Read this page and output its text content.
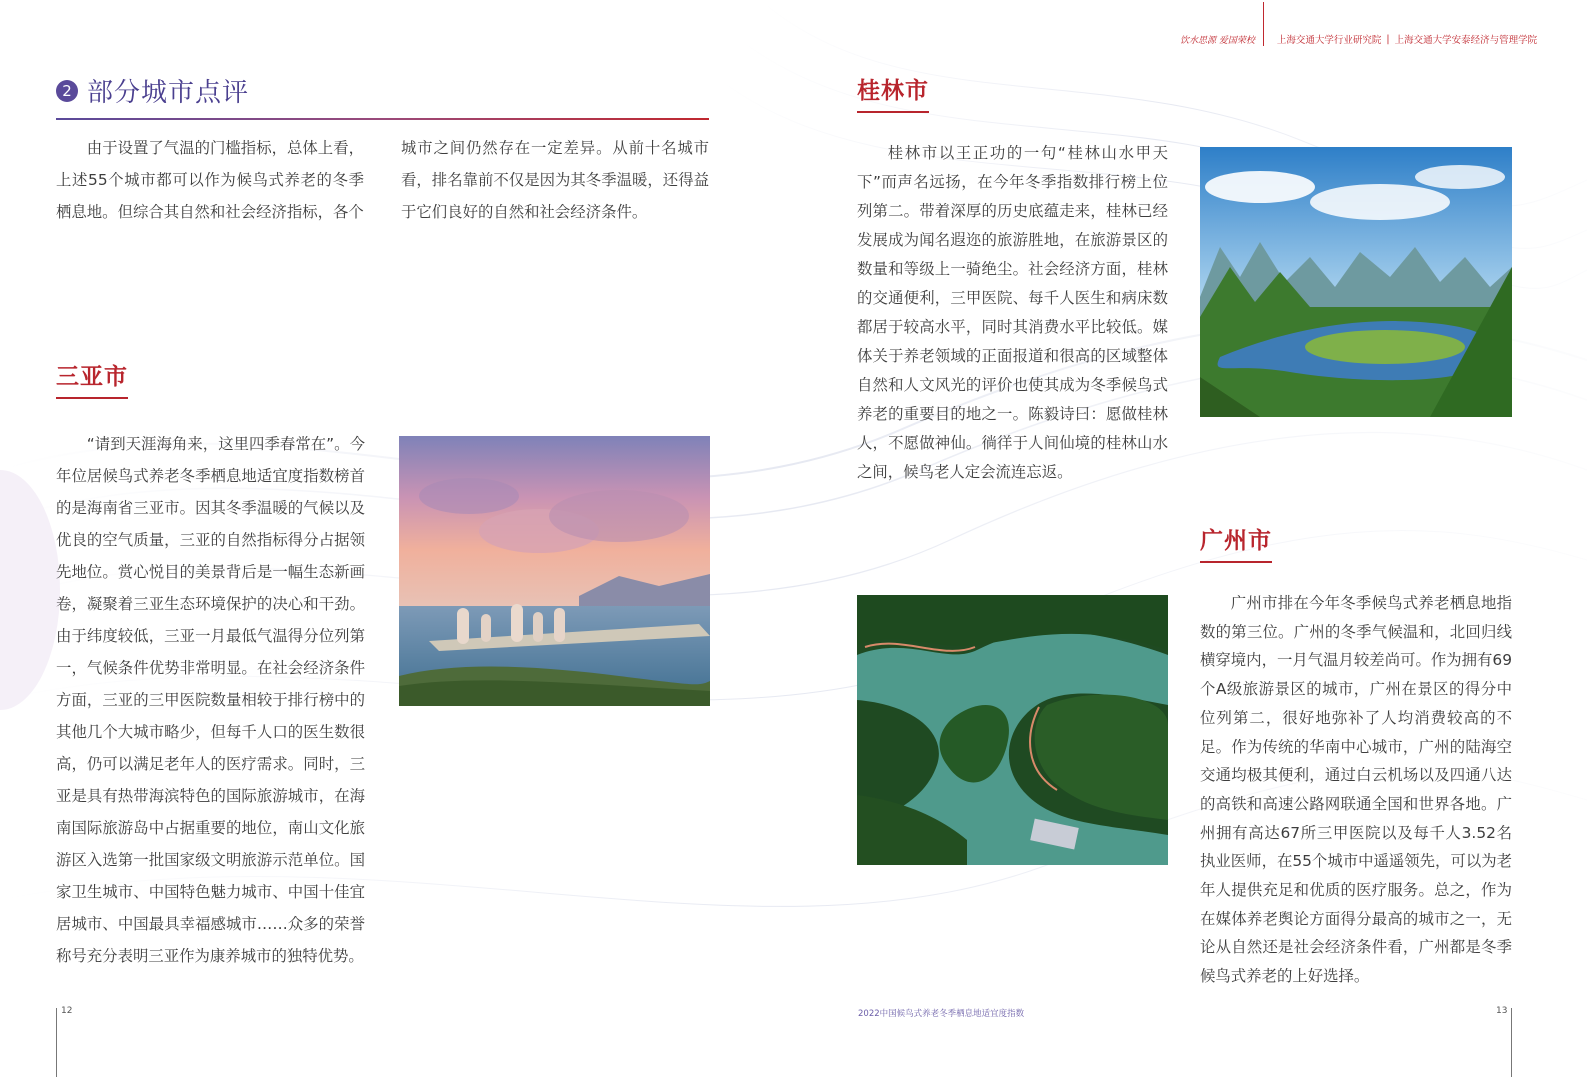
饮水思源 爱国荣校 上海交通大学行业研究院 | 上海交通大学安泰经济与管理学院
2 部分城市点评

由于设置了气温的门槛指标，总体上看，上述55个城市都可以作为候鸟式养老的冬季栖息地。但综合其自然和社会经济指标，各个

城市之间仍然存在一定差异。从前十名城市看，排名靠前不仅是因为其冬季温暖，还得益于它们良好的自然和社会经济条件。

三亚市

“请到天涯海角来，这里四季春常在”。今年位居候鸟式养老冬季栖息地适宜度指数榜首的是海南省三亚市。因其冬季温暖的气候以及优良的空气质量，三亚的自然指标得分占据领先地位。赏心悦目的美景背后是一幅生态新画卷，凝聚着三亚生态环境保护的决心和干劲。由于纬度较低，三亚一月最低气温得分位列第一，气候条件优势非常明显。在社会经济条件方面，三亚的三甲医院数量相较于排行榜中的其他几个大城市略少，但每千人口的医生数很高，仍可以满足老年人的医疗需求。同时，三亚是具有热带海滨特色的国际旅游城市，在海南国际旅游岛中占据重要的地位，南山文化旅游区入选第一批国家级文明旅游示范单位。国家卫生城市、中国特色魅力城市、中国十佳宜居城市、中国最具幸福感城市……众多的荣誉称号充分表明三亚作为康养城市的独特优势。

桂林市

桂林市以王正功的一句“桂林山水甲天下”而声名远扬，在今年冬季指数排行榜上位列第二。带着深厚的历史底蕴走来，桂林已经发展成为闻名遐迩的旅游胜地，在旅游景区的数量和等级上一骑绝尘。社会经济方面，桂林的交通便利，三甲医院、每千人医生和病床数都居于较高水平，同时其消费水平比较低。媒体关于养老领域的正面报道和很高的区域整体自然和人文风光的评价也使其成为冬季候鸟式养老的重要目的地之一。陈毅诗曰：愿做桂林人，不愿做神仙。徜徉于人间仙境的桂林山水之间，候鸟老人定会流连忘返。

广州市

广州市排在今年冬季候鸟式养老栖息地指数的第三位。广州的冬季气候温和，北回归线横穿境内，一月气温月较差尚可。作为拥有69个A级旅游景区的城市，广州在景区的得分中位列第二，很好地弥补了人均消费较高的不足。作为传统的华南中心城市，广州的陆海空交通均极其便利，通过白云机场以及四通八达的高铁和高速公路网联通全国和世界各地。广州拥有高达67所三甲医院以及每千人3.52名执业医师，在55个城市中遥遥领先，可以为老年人提供充足和优质的医疗服务。总之，作为在媒体养老舆论方面得分最高的城市之一，无论从自然还是社会经济条件看，广州都是冬季候鸟式养老的上好选择。

12	2022中国候鸟式养老冬季栖息地适宜度指数	13
